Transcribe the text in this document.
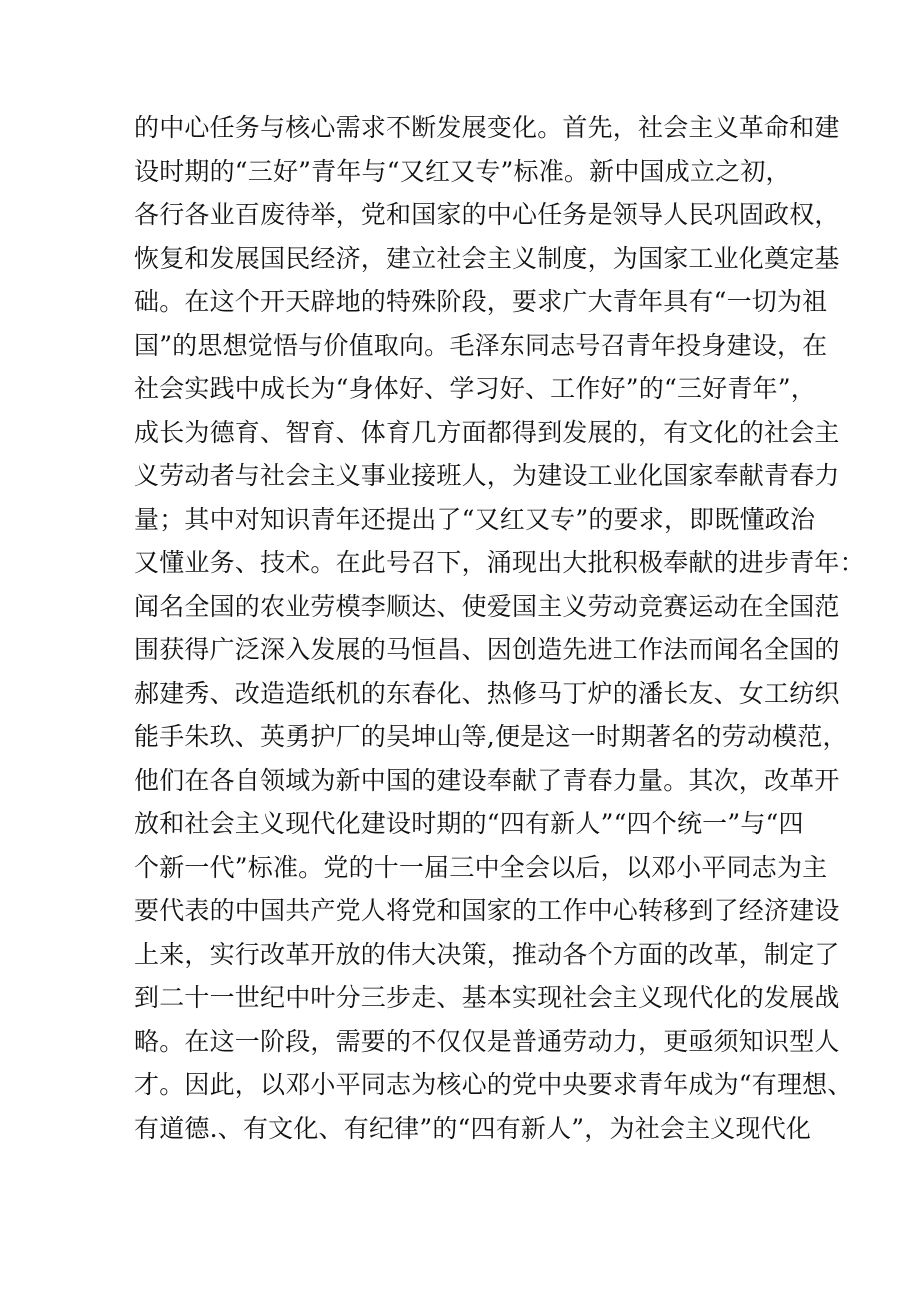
的中心任务与核心需求不断发展变化。首先，社会主义革命和建
设时期的“三好”青年与“又红又专”标准。新中国成立之初，
各行各业百废待举，党和国家的中心任务是领导人民巩固政权，
恢复和发展国民经济，建立社会主义制度，为国家工业化奠定基
础。在这个开天辟地的特殊阶段，要求广大青年具有“一切为祖
国”的思想觉悟与价值取向。毛泽东同志号召青年投身建设，在
社会实践中成长为“身体好、学习好、工作好”的“三好青年”，
成长为德育、智育、体育几方面都得到发展的，有文化的社会主
义劳动者与社会主义事业接班人，为建设工业化国家奉献青春力
量；其中对知识青年还提出了“又红又专”的要求，即既懂政治
又懂业务、技术。在此号召下，涌现出大批积极奉献的进步青年：
闻名全国的农业劳模李顺达、使爱国主义劳动竞赛运动在全国范
围获得广泛深入发展的马恒昌、因创造先进工作法而闻名全国的
郝建秀、改造造纸机的东春化、热修马丁炉的潘长友、女工纺织
能手朱玖、英勇护厂的吴坤山等,便是这一时期著名的劳动模范，
他们在各自领域为新中国的建设奉献了青春力量。其次，改革开
放和社会主义现代化建设时期的“四有新人”“四个统一”与“四
个新一代”标准。党的十一届三中全会以后，以邓小平同志为主
要代表的中国共产党人将党和国家的工作中心转移到了经济建设
上来，实行改革开放的伟大决策，推动各个方面的改革，制定了
到二十一世纪中叶分三步走、基本实现社会主义现代化的发展战
略。在这一阶段，需要的不仅仅是普通劳动力，更亟须知识型人
才。因此，以邓小平同志为核心的党中央要求青年成为“有理想、
有道德.、有文化、有纪律”的“四有新人”，为社会主义现代化
